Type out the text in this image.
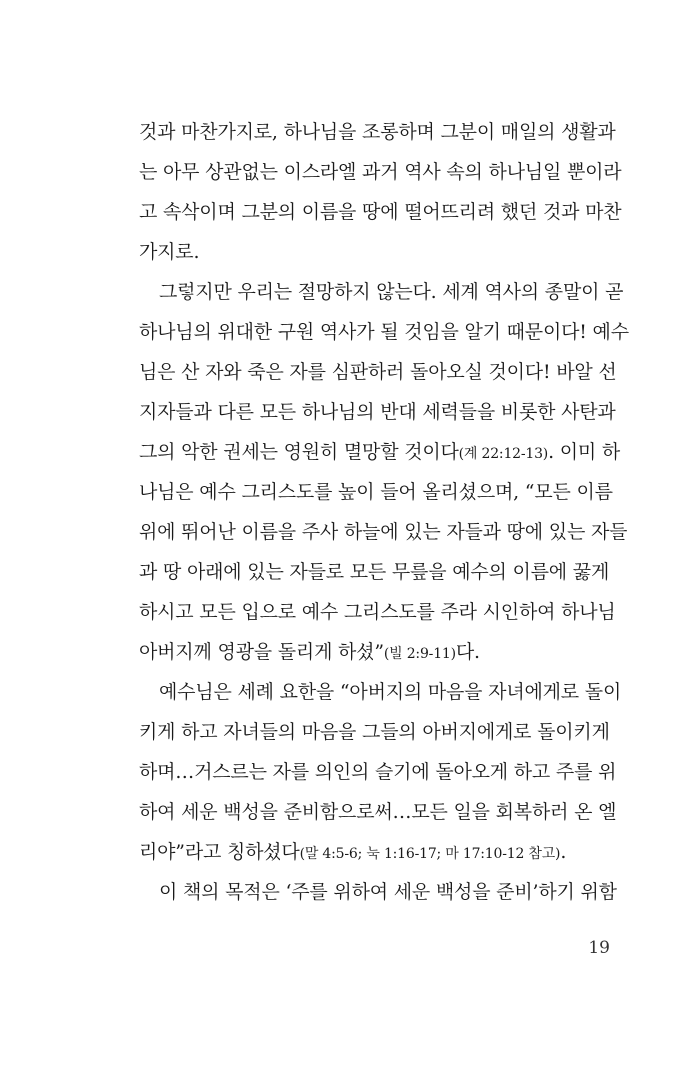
것과 마찬가지로, 하나님을 조롱하며 그분이 매일의 생활과
는 아무 상관없는 이스라엘 과거 역사 속의 하나님일 뿐이라
고 속삭이며 그분의 이름을 땅에 떨어뜨리려 했던 것과 마찬
가지로.
그렇지만 우리는 절망하지 않는다. 세계 역사의 종말이 곧
하나님의 위대한 구원 역사가 될 것임을 알기 때문이다! 예수
님은 산 자와 죽은 자를 심판하러 돌아오실 것이다! 바알 선
지자들과 다른 모든 하나님의 반대 세력들을 비롯한 사탄과
그의 악한 권세는 영원히 멸망할 것이다(계 22:12-13). 이미 하
나님은 예수 그리스도를 높이 들어 올리셨으며, “모든 이름
위에 뛰어난 이름을 주사 하늘에 있는 자들과 땅에 있는 자들
과 땅 아래에 있는 자들로 모든 무릎을 예수의 이름에 꿇게
하시고 모든 입으로 예수 그리스도를 주라 시인하여 하나님
아버지께 영광을 돌리게 하셨”(빌 2:9-11)다.
예수님은 세례 요한을 “아버지의 마음을 자녀에게로 돌이
키게 하고 자녀들의 마음을 그들의 아버지에게로 돌이키게
하며…거스르는 자를 의인의 슬기에 돌아오게 하고 주를 위
하여 세운 백성을 준비함으로써…모든 일을 회복하러 온 엘
리야”라고 칭하셨다(말 4:5-6; 눅 1:16-17; 마 17:10-12 참고).
이 책의 목적은 ‘주를 위하여 세운 백성을 준비’하기 위함
19
